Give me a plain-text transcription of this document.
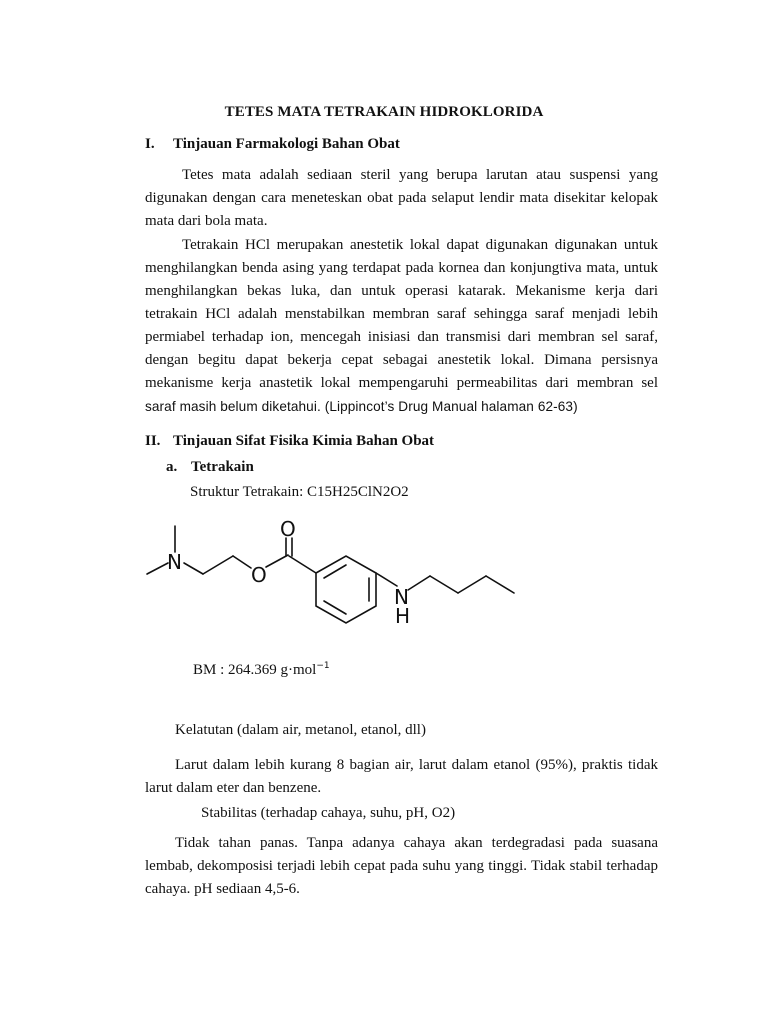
TETES MATA TETRAKAIN HIDROKLORIDA
I. Tinjauan Farmakologi Bahan Obat
Tetes mata adalah sediaan steril yang berupa larutan atau suspensi yang digunakan dengan cara meneteskan obat pada selaput lendir mata disekitar kelopak mata dari bola mata.
Tetrakain HCl merupakan anestetik lokal dapat digunakan digunakan untuk menghilangkan benda asing yang terdapat pada kornea dan konjungtiva mata, untuk menghilangkan bekas luka, dan untuk operasi katarak. Mekanisme kerja dari tetrakain HCl adalah menstabilkan membran saraf sehingga saraf menjadi lebih permiabel terhadap ion, mencegah inisiasi dan transmisi dari membran sel saraf, dengan begitu dapat bekerja cepat sebagai anestetik lokal. Dimana persisnya mekanisme kerja anastetik lokal mempengaruhi permeabilitas dari membran sel saraf masih belum diketahui. (Lippincot’s Drug Manual halaman 62-63)
II. Tinjauan Sifat Fisika Kimia Bahan Obat
a. Tetrakain
Struktur Tetrakain: C15H25ClN2O2
N
O
O
N
H
BM : 264.369 g·mol$^{-1}$
Kelatutan (dalam air, metanol, etanol, dll)
Larut dalam lebih kurang 8 bagian air, larut dalam etanol (95%), praktis tidak larut dalam eter dan benzene.
Stabilitas (terhadap cahaya, suhu, pH, O2)
Tidak tahan panas. Tanpa adanya cahaya akan terdegradasi pada suasana lembab, dekomposisi terjadi lebih cepat pada suhu yang tinggi. Tidak stabil terhadap cahaya. pH sediaan 4,5-6.
